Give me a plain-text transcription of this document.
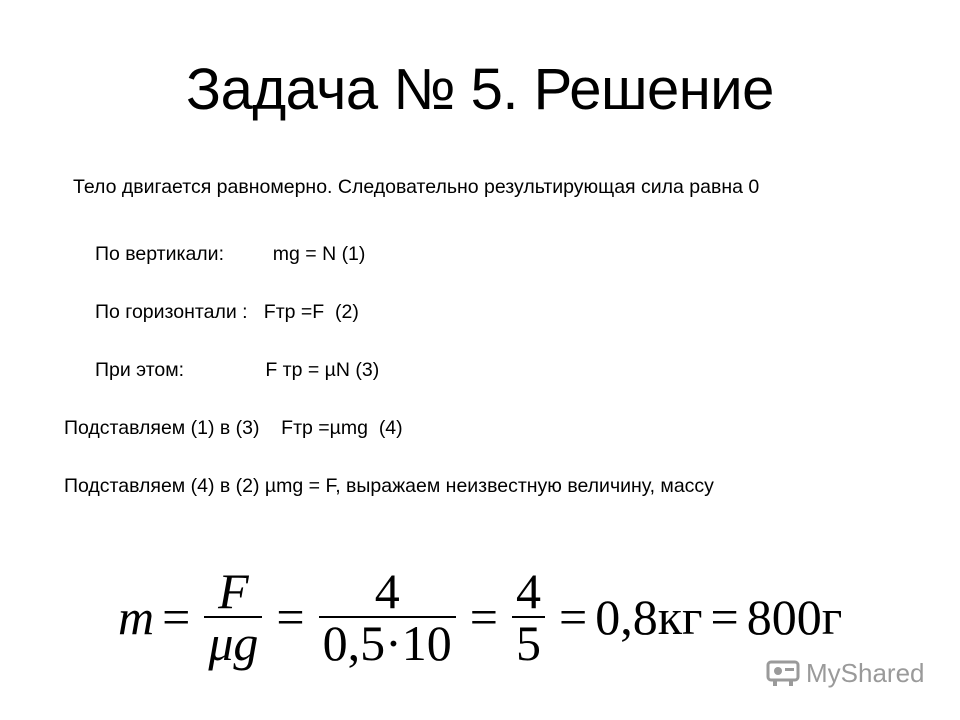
Задача № 5. Решение
Тело двигается равномерно. Следовательно результирующая сила равна 0
По вертикали:         mg = N (1)
По горизонтали :   Fтр =F  (2)
При этом:               F тр = µN (3)
Подставляем (1) в (3)    Fтр =µmg  (4)
Подставляем (4) в (2) µmg = F, выражаем неизвестную величину, массу
$m = \frac{F}{\mu g} = \frac{4}{0,5\cdot 10} = \frac{4}{5} = 0,8кг = 800г$
MyShared
